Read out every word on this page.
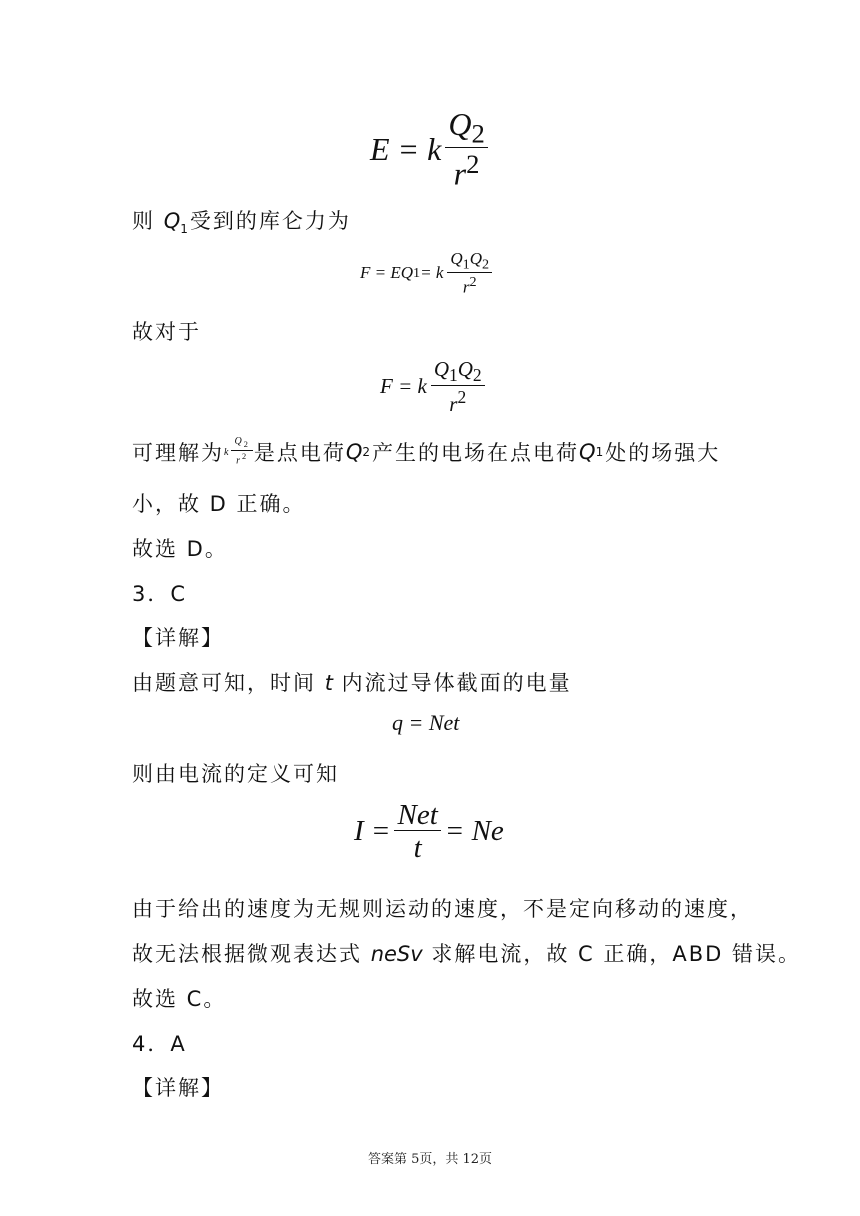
E = k $\frac{Q_2}{r^2}$
则 $Q_1$受到的库仑力为
F = EQ 1 = k $\frac{Q_1Q_2}{r^2}$
故对于
F = k $\frac{Q_1Q_2}{r^2}$
可理解为 k $\frac{Q_2}{r^2}$ 是点电荷 Q 2 产生的电场在点电荷 Q 1 处的场强大
小，故 D 正确。
故选 D。
3．C
【详解】
由题意可知，时间 t 内流过导体截面的电量
q = Net
则由电流的定义可知
$I = \frac{\text{Net}}{t} = Ne$
由于给出的速度为无规则运动的速度，不是定向移动的速度，
故无法根据微观表达式 neSv 求解电流，故 C 正确，ABD 错误。
故选 C。
4．A
【详解】
答案第 5页，共 12页
